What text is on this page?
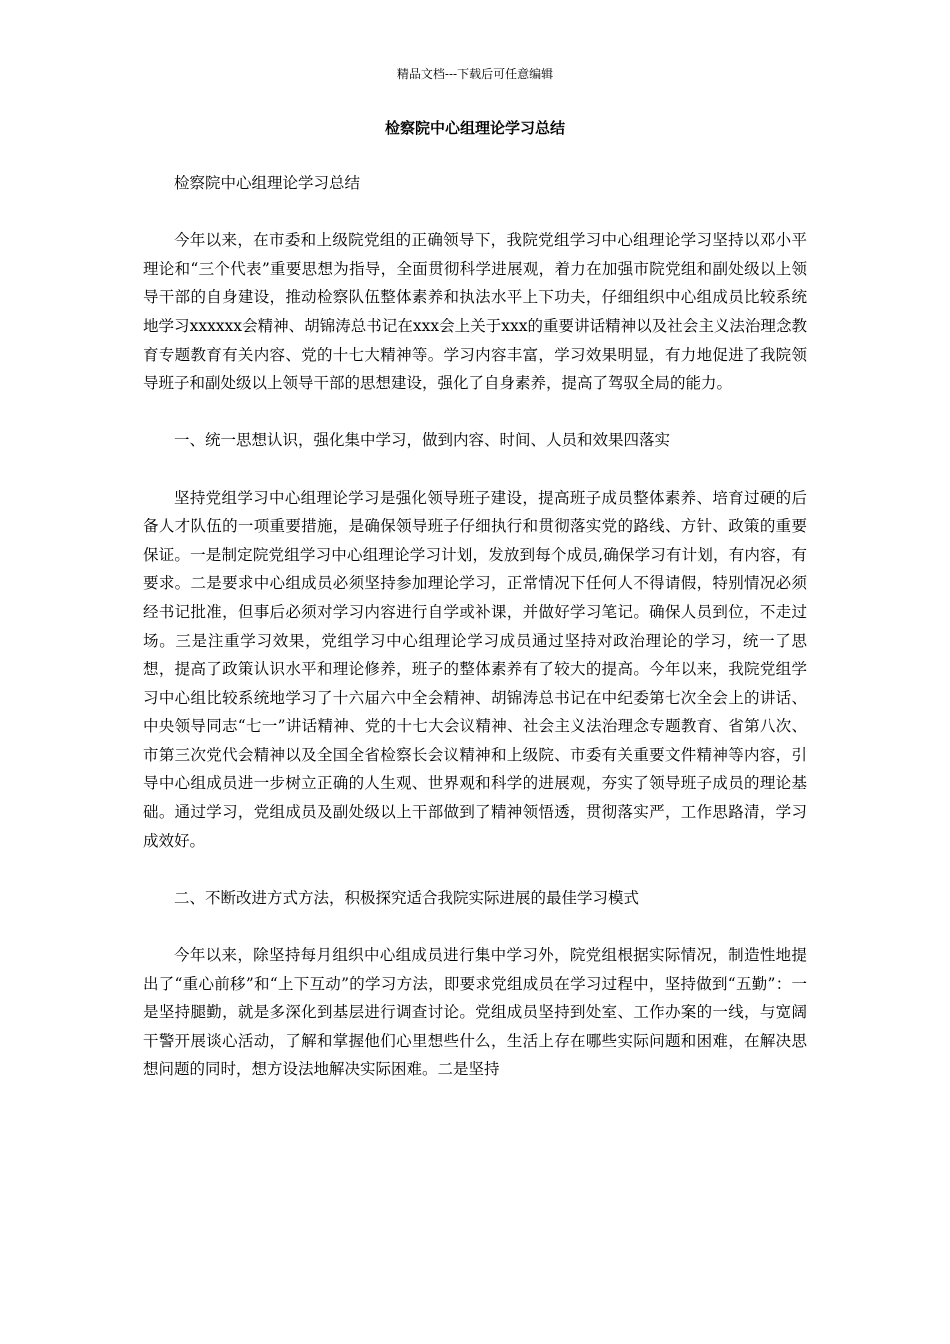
精品文档---下载后可任意编辑
检察院中心组理论学习总结

检察院中心组理论学习总结

今年以来，在市委和上级院党组的正确领导下，我院党组学习中心组理论学习坚持以邓小平理论和“三个代表”重要思想为指导，全面贯彻科学进展观，着力在加强市院党组和副处级以上领导干部的自身建设，推动检察队伍整体素养和执法水平上下功夫，仔细组织中心组成员比较系统地学习xxxxxx会精神、胡锦涛总书记在xxx会上关于xxx的重要讲话精神以及社会主义法治理念教育专题教育有关内容、党的十七大精神等。学习内容丰富，学习效果明显，有力地促进了我院领导班子和副处级以上领导干部的思想建设，强化了自身素养，提高了驾驭全局的能力。

一、统一思想认识，强化集中学习，做到内容、时间、人员和效果四落实

坚持党组学习中心组理论学习是强化领导班子建设，提高班子成员整体素养、培育过硬的后备人才队伍的一项重要措施，是确保领导班子仔细执行和贯彻落实党的路线、方针、政策的重要保证。一是制定院党组学习中心组理论学习计划，发放到每个成员,确保学习有计划，有内容，有要求。二是要求中心组成员必须坚持参加理论学习，正常情况下任何人不得请假，特别情况必须经书记批准，但事后必须对学习内容进行自学或补课，并做好学习笔记。确保人员到位，不走过场。三是注重学习效果，党组学习中心组理论学习成员通过坚持对政治理论的学习，统一了思想，提高了政策认识水平和理论修养，班子的整体素养有了较大的提高。今年以来，我院党组学习中心组比较系统地学习了十六届六中全会精神、胡锦涛总书记在中纪委第七次全会上的讲话、中央领导同志“七一”讲话精神、党的十七大会议精神、社会主义法治理念专题教育、省第八次、市第三次党代会精神以及全国全省检察长会议精神和上级院、市委有关重要文件精神等内容，引导中心组成员进一步树立正确的人生观、世界观和科学的进展观，夯实了领导班子成员的理论基础。通过学习，党组成员及副处级以上干部做到了精神领悟透，贯彻落实严，工作思路清，学习成效好。

二、不断改进方式方法，积极探究适合我院实际进展的最佳学习模式

今年以来，除坚持每月组织中心组成员进行集中学习外，院党组根据实际情况，制造性地提出了“重心前移”和“上下互动”的学习方法，即要求党组成员在学习过程中，坚持做到“五勤”：一是坚持腿勤，就是多深化到基层进行调查讨论。党组成员坚持到处室、工作办案的一线，与宽阔干警开展谈心活动，了解和掌握他们心里想些什么，生活上存在哪些实际问题和困难，在解决思想问题的同时，想方设法地解决实际困难。二是坚持
